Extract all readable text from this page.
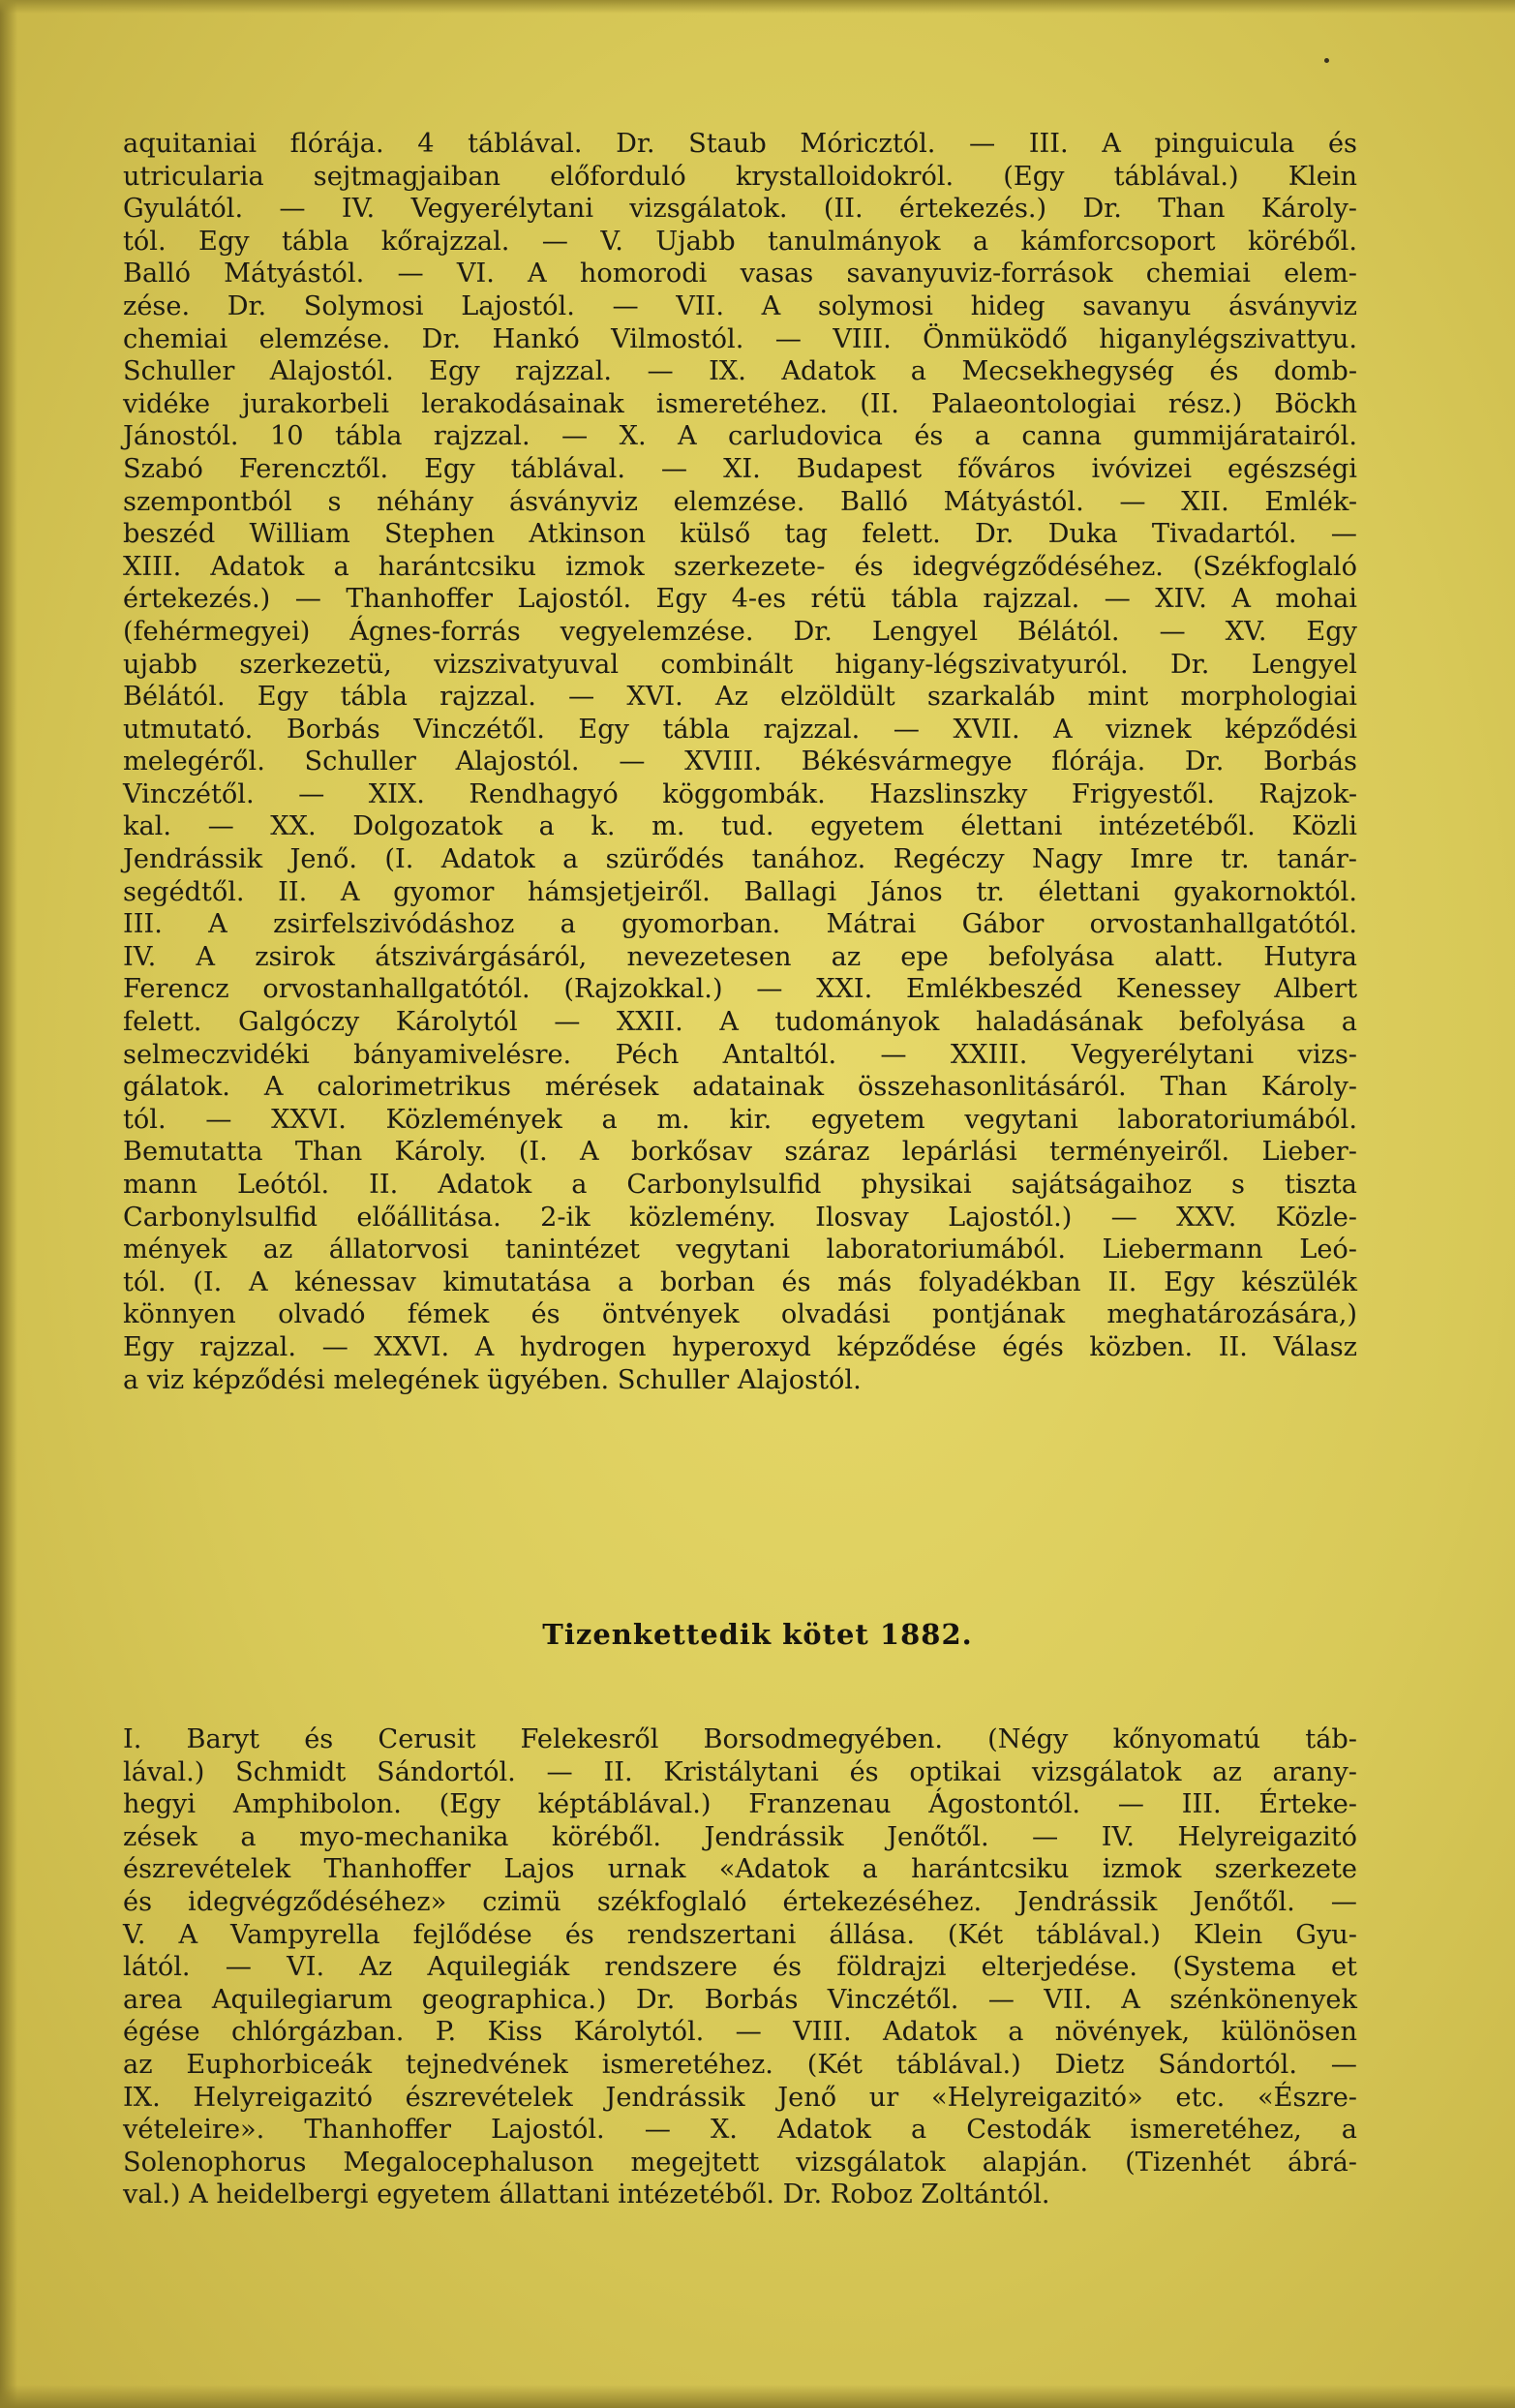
aquitaniai flórája. 4 táblával. Dr. Staub Móricztól. — III. A pinguicula és
utricularia sejtmagjaiban előforduló krystalloidokról. (Egy táblával.) Klein
Gyulától. — IV. Vegyerélytani vizsgálatok. (II. értekezés.) Dr. Than Károly-
tól. Egy tábla kőrajzzal. — V. Ujabb tanulmányok a kámforcsoport köréből.
Balló Mátyástól. — VI. A homorodi vasas savanyuviz-források chemiai elem-
zése. Dr. Solymosi Lajostól. — VII. A solymosi hideg savanyu ásványviz
chemiai elemzése. Dr. Hankó Vilmostól. — VIII. Önmüködő higanylégszivattyu.
Schuller Alajostól. Egy rajzzal. — IX. Adatok a Mecsekhegység és domb-
vidéke jurakorbeli lerakodásainak ismeretéhez. (II. Palaeontologiai rész.) Böckh
Jánostól. 10 tábla rajzzal. — X. A carludovica és a canna gummijáratairól.
Szabó Ferencztől. Egy táblával. — XI. Budapest főváros ivóvizei egészségi
szempontból s néhány ásványviz elemzése. Balló Mátyástól. — XII. Emlék-
beszéd William Stephen Atkinson külső tag felett. Dr. Duka Tivadartól. —
XIII. Adatok a harántcsiku izmok szerkezete- és idegvégződéséhez. (Székfoglaló
értekezés.) — Thanhoffer Lajostól. Egy 4-es rétü tábla rajzzal. — XIV. A mohai
(fehérmegyei) Ágnes-forrás vegyelemzése. Dr. Lengyel Bélától. — XV. Egy
ujabb szerkezetü, vizszivatyuval combinált higany-légszivatyuról. Dr. Lengyel
Bélától. Egy tábla rajzzal. — XVI. Az elzöldült szarkaláb mint morphologiai
utmutató. Borbás Vinczétől. Egy tábla rajzzal. — XVII. A viznek képződési
melegéről. Schuller Alajostól. — XVIII. Békésvármegye flórája. Dr. Borbás
Vinczétől. — XIX. Rendhagyó köggombák. Hazslinszky Frigyestől. Rajzok-
kal. — XX. Dolgozatok a k. m. tud. egyetem élettani intézetéből. Közli
Jendrássik Jenő. (I. Adatok a szürődés tanához. Regéczy Nagy Imre tr. tanár-
segédtől. II. A gyomor hámsjetjeiről. Ballagi János tr. élettani gyakornoktól.
III. A zsirfelszivódáshoz a gyomorban. Mátrai Gábor orvostanhallgatótól.
IV. A zsirok átszivárgásáról, nevezetesen az epe befolyása alatt. Hutyra
Ferencz orvostanhallgatótól. (Rajzokkal.) — XXI. Emlékbeszéd Kenessey Albert
felett. Galgóczy Károlytól — XXII. A tudományok haladásának befolyása a
selmeczvidéki bányamivelésre. Péch Antaltól. — XXIII. Vegyerélytani vizs-
gálatok. A calorimetrikus mérések adatainak összehasonlitásáról. Than Károly-
tól. — XXVI. Közlemények a m. kir. egyetem vegytani laboratoriumából.
Bemutatta Than Károly. (I. A borkősav száraz lepárlási terményeiről. Lieber-
mann Leótól. II. Adatok a Carbonylsulfid physikai sajátságaihoz s tiszta
Carbonylsulfid előállitása. 2-ik közlemény. Ilosvay Lajostól.) — XXV. Közle-
mények az állatorvosi tanintézet vegytani laboratoriumából. Liebermann Leó-
tól. (I. A kénessav kimutatása a borban és más folyadékban II. Egy készülék
könnyen olvadó fémek és öntvények olvadási pontjának meghatározására,)
Egy rajzzal. — XXVI. A hydrogen hyperoxyd képződése égés közben. II. Válasz
a viz képződési melegének ügyében. Schuller Alajostól.
Tizenkettedik kötet 1882.
I. Baryt és Cerusit Felekesről Borsodmegyében. (Négy kőnyomatú táb-
lával.) Schmidt Sándortól. — II. Kristálytani és optikai vizsgálatok az arany-
hegyi Amphibolon. (Egy képtáblával.) Franzenau Ágostontól. — III. Érteke-
zések a myo-mechanika köréből. Jendrássik Jenőtől. — IV. Helyreigazitó
észrevételek Thanhoffer Lajos urnak «Adatok a harántcsiku izmok szerkezete
és idegvégződéséhez» czimü székfoglaló értekezéséhez. Jendrássik Jenőtől. —
V. A Vampyrella fejlődése és rendszertani állása. (Két táblával.) Klein Gyu-
lától. — VI. Az Aquilegiák rendszere és földrajzi elterjedése. (Systema et
area Aquilegiarum geographica.) Dr. Borbás Vinczétől. — VII. A szénkönenyek
égése chlórgázban. P. Kiss Károlytól. — VIII. Adatok a növények, különösen
az Euphorbiceák tejnedvének ismeretéhez. (Két táblával.) Dietz Sándortól. —
IX. Helyreigazitó észrevételek Jendrássik Jenő ur «Helyreigazitó» etc. «Észre-
vételeire». Thanhoffer Lajostól. — X. Adatok a Cestodák ismeretéhez, a
Solenophorus Megalocephaluson megejtett vizsgálatok alapján. (Tizenhét ábrá-
val.) A heidelbergi egyetem állattani intézetéből. Dr. Roboz Zoltántól.
